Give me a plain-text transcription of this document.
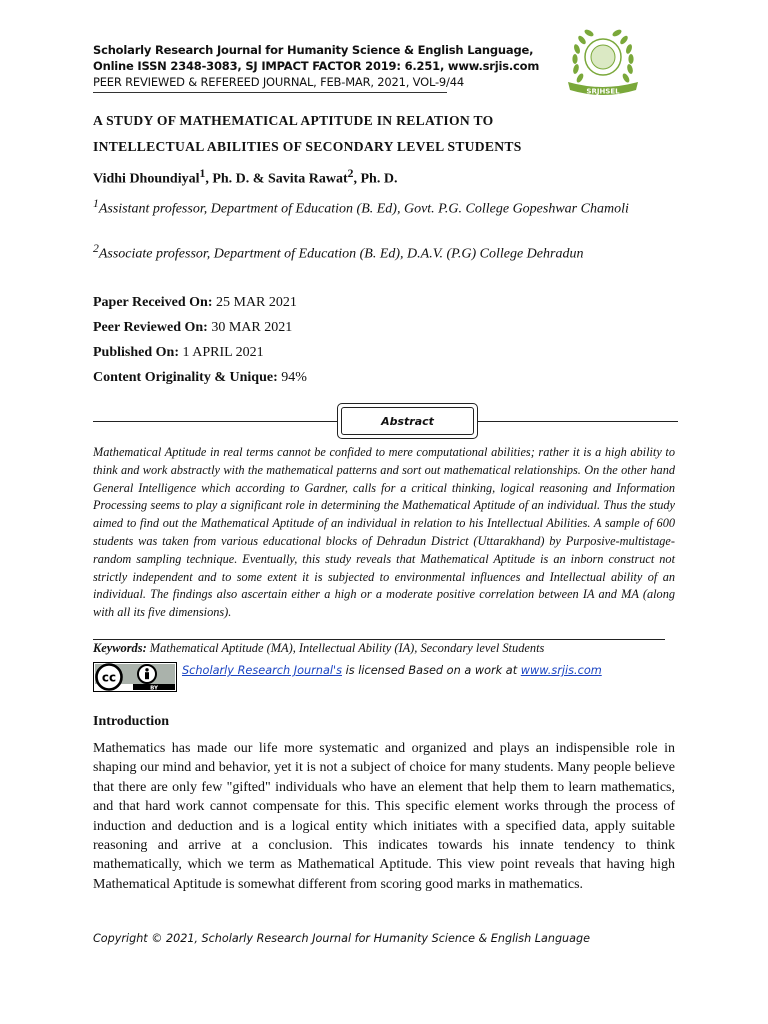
Scholarly Research Journal for Humanity Science & English Language,
Online ISSN 2348-3083, SJ IMPACT FACTOR 2019: 6.251, www.srjis.com
PEER REVIEWED & REFEREED JOURNAL, FEB-MAR, 2021, VOL-9/44
SRJHSEL
A STUDY OF MATHEMATICAL APTITUDE IN RELATION TO
INTELLECTUAL ABILITIES OF SECONDARY LEVEL STUDENTS
Vidhi Dhoundiyal$^1$, Ph. D. & Savita Rawat$^2$, Ph. D.
$^1$Assistant professor, Department of Education (B. Ed), Govt. P.G. College Gopeshwar Chamoli
$^2$Associate professor, Department of Education (B. Ed), D.A.V. (P.G) College Dehradun
Paper Received On: 25 MAR 2021
Peer Reviewed On: 30 MAR 2021
Published On: 1 APRIL 2021
Content Originality & Unique: 94%
Abstract
Mathematical Aptitude in real terms cannot be confided to mere computational abilities; rather it is a high ability to think and work abstractly with the mathematical patterns and sort out mathematical relationships. On the other hand General Intelligence which according to Gardner, calls for a critical thinking, logical reasoning and Information Processing seems to play a significant role in determining the Mathematical Aptitude of an individual. Thus the study aimed to find out the Mathematical Aptitude of an individual in relation to his Intellectual Abilities. A sample of 600 students was taken from various educational blocks of Dehradun District (Uttarakhand) by Purposive-multistage-random sampling technique. Eventually, this study reveals that Mathematical Aptitude is an inborn construct not strictly independent and to some extent it is subjected to environmental influences and Intellectual ability of an individual. The findings also ascertain either a high or a moderate positive correlation between IA and MA (along with all its five dimensions).
Keywords: Mathematical Aptitude (MA), Intellectual Ability (IA), Secondary level Students
cc
BY
Scholarly Research Journal's is licensed Based on a work at www.srjis.com
Introduction
Mathematics has made our life more systematic and organized and plays an indispensible role in shaping our mind and behavior, yet it is not a subject of choice for many students. Many people believe that there are only few "gifted" individuals who have an element that help them to learn mathematics, and that hard work cannot compensate for this. This specific element works through the process of induction and deduction and is a logical entity which initiates with a specified data, apply suitable reasoning and arrive at a conclusion. This indicates towards his innate tendency to think mathematically, which we term as Mathematical Aptitude. This view point reveals that having high Mathematical Aptitude is somewhat different from scoring good marks in mathematics.
Copyright © 2021, Scholarly Research Journal for Humanity Science & English Language
